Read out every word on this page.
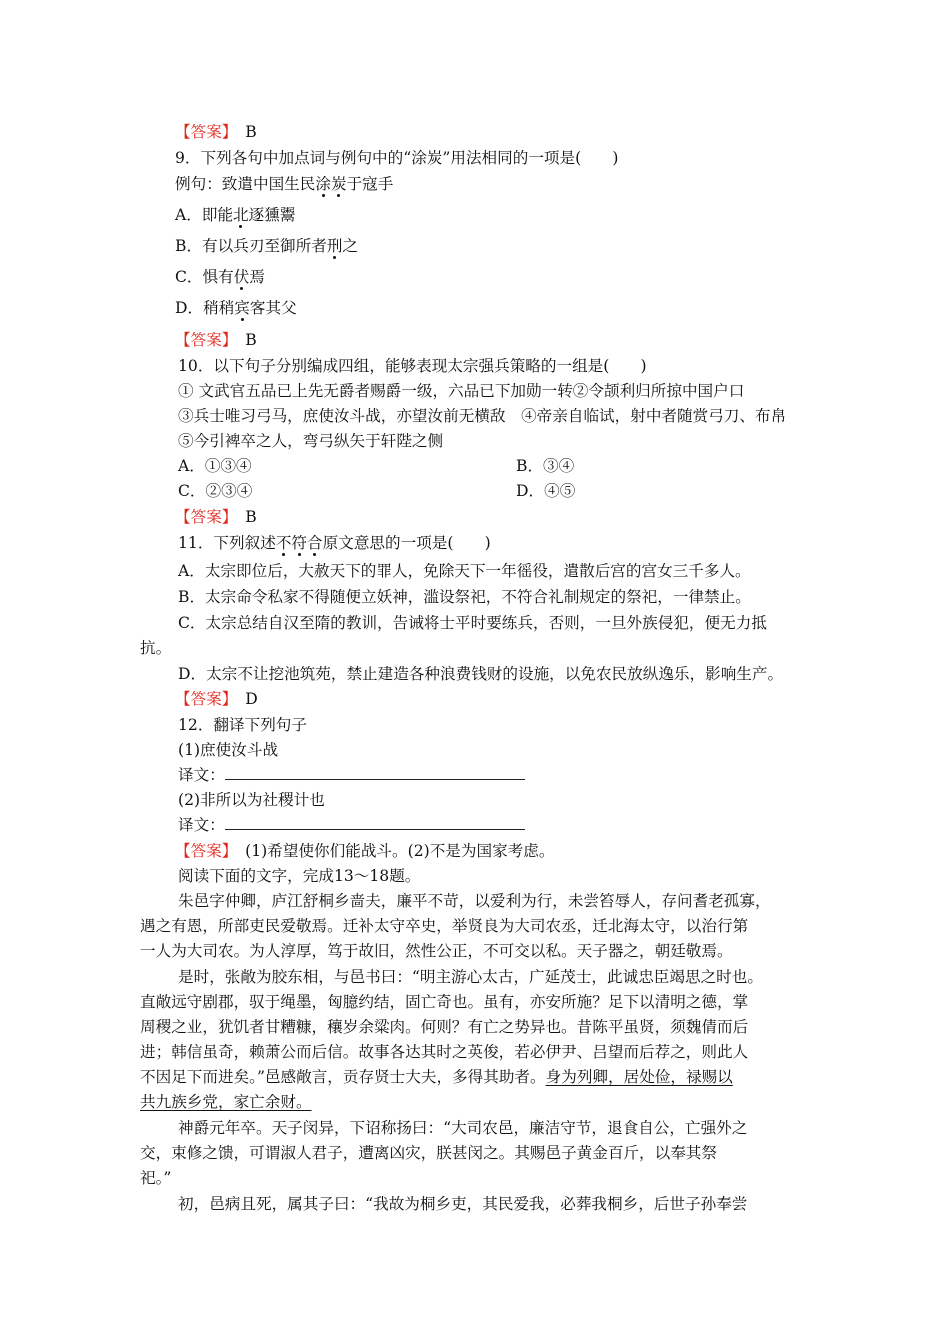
【答案】　 B
9．下列各句中加点词与例句中的“涂炭”用法相同的一项是(　　)
例句：致遣中国生民涂炭于寇手
A．即能北逐獯鬻
B．有以兵刃至御所者刑之
C．惧有伏焉
D．稍稍宾客其父
【答案】　 B
10．以下句子分别编成四组，能够表现太宗强兵策略的一组是(　　)
① 文武官五品已上先无爵者赐爵一级，六品已下加勋一转②令颉利归所掠中国户口
③兵士唯习弓马，庶使汝斗战，亦望汝前无横敌　④帝亲自临试，射中者随赏弓刀、布帛
⑤今引裨卒之人，弯弓纵矢于轩陛之侧
A．①③④	B．③④
C．②③④	D．④⑤
【答案】　 B
11．下列叙述不符合原文意思的一项是(　　)
A．太宗即位后，大赦天下的罪人，免除天下一年徭役，遣散后宫的宫女三千多人。
B．太宗命令私家不得随便立妖神，滥设祭祀，不符合礼制规定的祭祀，一律禁止。
C．太宗总结自汉至隋的教训，告诫将士平时要练兵，否则，一旦外族侵犯，便无力抵
抗。
D．太宗不让挖池筑苑，禁止建造各种浪费钱财的设施，以免农民放纵逸乐，影响生产。
【答案】　 D
12．翻译下列句子
(1)庶使汝斗战
译文：
(2)非所以为社稷计也
译文：
【答案】　(1)希望使你们能战斗。(2)不是为国家考虑。
阅读下面的文字，完成13～18题。
朱邑字仲卿，庐江舒桐乡啬夫，廉平不苛，以爱利为行，未尝笞辱人，存问耆老孤寡，
遇之有恩，所部吏民爱敬焉。迁补太守卒史，举贤良为大司农丞，迁北海太守，以治行第
一人为大司农。为人淳厚，笃于故旧，然性公正，不可交以私。天子器之，朝廷敬焉。
是时，张敞为胶东相，与邑书曰：“明主游心太古，广延茂士，此诚忠臣竭思之时也。
直敞远守剧郡，驭于绳墨，匈臆约结，固亡奇也。虽有，亦安所施？足下以清明之德，掌
周稷之业，犹饥者甘糟糠，穰岁余粱肉。何则？有亡之势异也。昔陈平虽贤，须魏倩而后
进；韩信虽奇，赖萧公而后信。故事各达其时之英俊，若必伊尹、吕望而后荐之，则此人
不因足下而进矣。”邑感敞言，贡存贤士大夫，多得其助者。身为列卿，居处俭，禄赐以
共九族乡党，家亡余财。
神爵元年卒。天子闵异，下诏称扬曰：“大司农邑，廉洁守节，退食自公，亡强外之
交，束修之馈，可谓淑人君子，遭离凶灾，朕甚闵之。其赐邑子黄金百斤，以奉其祭
祀。”
初，邑病且死，属其子曰：“我故为桐乡吏，其民爱我，必葬我桐乡，后世子孙奉尝
